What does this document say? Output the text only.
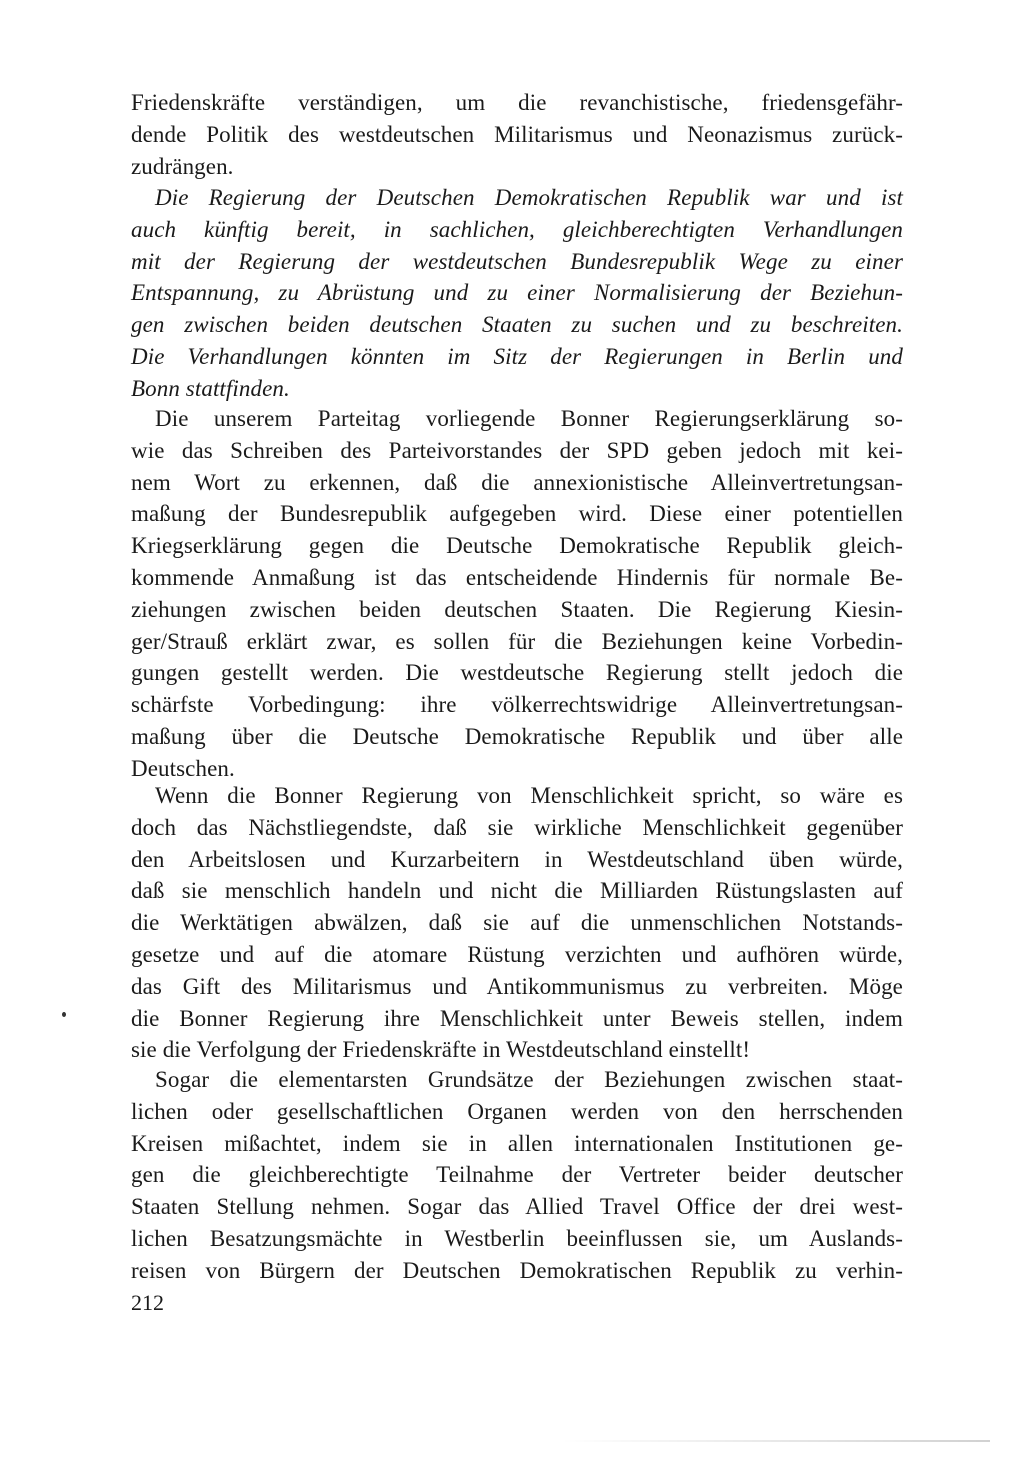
Friedenskräfte verständigen, um die revanchistische, friedensgefähr-
dende Politik des westdeutschen Militarismus und Neonazismus zurück-
zudrängen.
Die Regierung der Deutschen Demokratischen Republik war und ist
auch künftig bereit, in sachlichen, gleichberechtigten Verhandlungen
mit der Regierung der westdeutschen Bundesrepublik Wege zu einer
Entspannung, zu Abrüstung und zu einer Normalisierung der Beziehun-
gen zwischen beiden deutschen Staaten zu suchen und zu beschreiten.
Die Verhandlungen könnten im Sitz der Regierungen in Berlin und
Bonn stattfinden.
Die unserem Parteitag vorliegende Bonner Regierungserklärung so-
wie das Schreiben des Parteivorstandes der SPD geben jedoch mit kei-
nem Wort zu erkennen, daß die annexionistische Alleinvertretungsan-
maßung der Bundesrepublik aufgegeben wird. Diese einer potentiellen
Kriegserklärung gegen die Deutsche Demokratische Republik gleich-
kommende Anmaßung ist das entscheidende Hindernis für normale Be-
ziehungen zwischen beiden deutschen Staaten. Die Regierung Kiesin-
ger/Strauß erklärt zwar, es sollen für die Beziehungen keine Vorbedin-
gungen gestellt werden. Die westdeutsche Regierung stellt jedoch die
schärfste Vorbedingung: ihre völkerrechtswidrige Alleinvertretungsan-
maßung über die Deutsche Demokratische Republik und über alle
Deutschen.
Wenn die Bonner Regierung von Menschlichkeit spricht, so wäre es
doch das Nächstliegendste, daß sie wirkliche Menschlichkeit gegenüber
den Arbeitslosen und Kurzarbeitern in Westdeutschland üben würde,
daß sie menschlich handeln und nicht die Milliarden Rüstungslasten auf
die Werktätigen abwälzen, daß sie auf die unmenschlichen Notstands-
gesetze und auf die atomare Rüstung verzichten und aufhören würde,
das Gift des Militarismus und Antikommunismus zu verbreiten. Möge
die Bonner Regierung ihre Menschlichkeit unter Beweis stellen, indem
sie die Verfolgung der Friedenskräfte in Westdeutschland einstellt!
Sogar die elementarsten Grundsätze der Beziehungen zwischen staat-
lichen oder gesellschaftlichen Organen werden von den herrschenden
Kreisen mißachtet, indem sie in allen internationalen Institutionen ge-
gen die gleichberechtigte Teilnahme der Vertreter beider deutscher
Staaten Stellung nehmen. Sogar das Allied Travel Office der drei west-
lichen Besatzungsmächte in Westberlin beeinflussen sie, um Auslands-
reisen von Bürgern der Deutschen Demokratischen Republik zu verhin-
212
